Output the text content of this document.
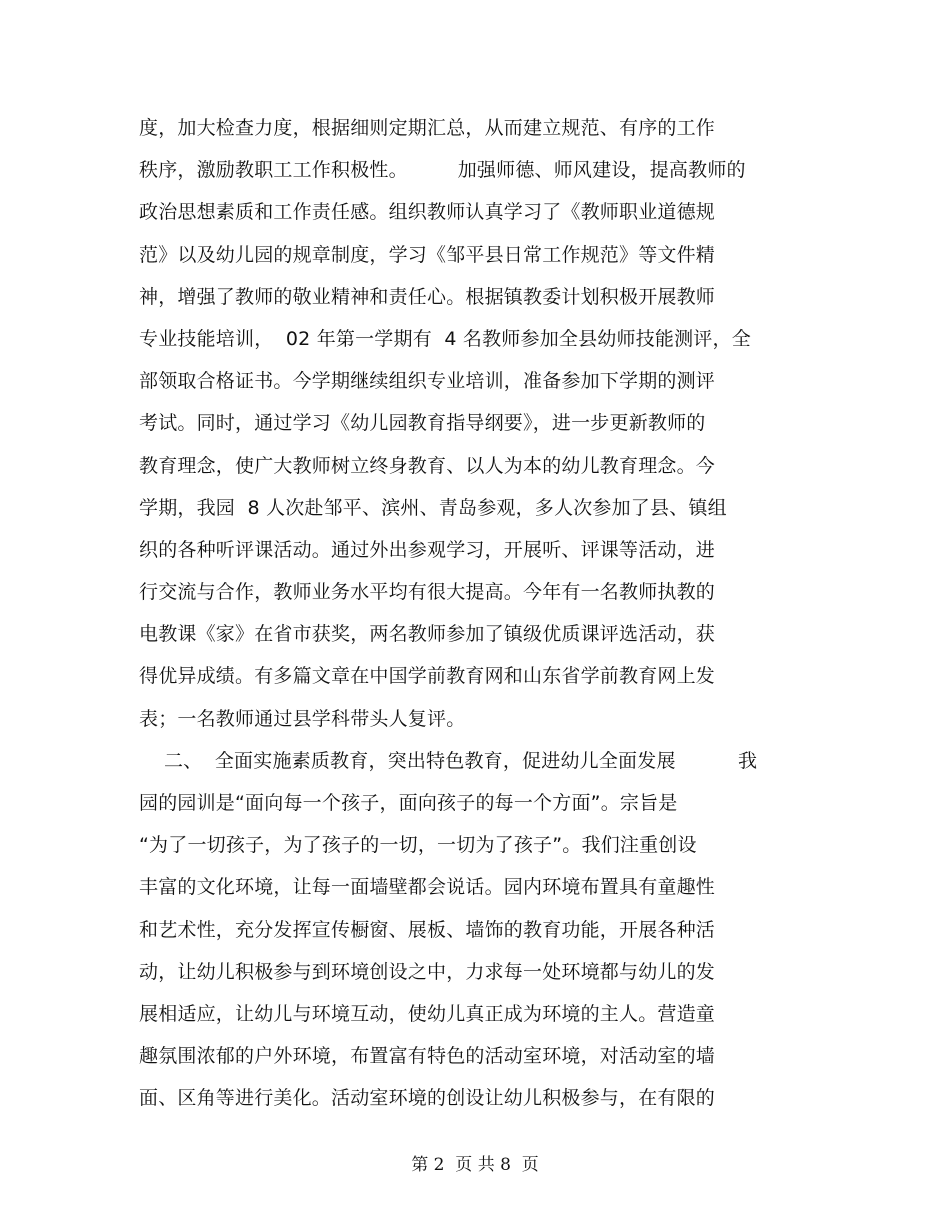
度，加大检查力度，根据细则定期汇总，从而建立规范、有序的工作
秩序，激励教职工工作积极性。        加强师德、师风建设，提高教师的
政治思想素质和工作责任感。组织教师认真学习了《教师职业道德规
范》以及幼儿园的规章制度，学习《邹平县日常工作规范》等文件精
神，增强了教师的敬业精神和责任心。根据镇教委计划积极开展教师
专业技能培训，  02 年第一学期有  4 名教师参加全县幼师技能测评，全
部领取合格证书。今学期继续组织专业培训，准备参加下学期的测评
考试。同时，通过学习《幼儿园教育指导纲要》，进一步更新教师的
教育理念，使广大教师树立终身教育、以人为本的幼儿教育理念。今
学期，我园  8 人次赴邹平、滨州、青岛参观，多人次参加了县、镇组
织的各种听评课活动。通过外出参观学习，开展听、评课等活动，进
行交流与合作，教师业务水平均有很大提高。今年有一名教师执教的
电教课《家》在省市获奖，两名教师参加了镇级优质课评选活动，获
得优异成绩。有多篇文章在中国学前教育网和山东省学前教育网上发
表；一名教师通过县学科带头人复评。
二、  全面实施素质教育，突出特色教育，促进幼儿全面发展          我
园的园训是“面向每一个孩子，面向孩子的每一个方面”。宗旨是
“为了一切孩子，为了孩子的一切，一切为了孩子”。我们注重创设
丰富的文化环境，让每一面墙壁都会说话。园内环境布置具有童趣性
和艺术性，充分发挥宣传橱窗、展板、墙饰的教育功能，开展各种活
动，让幼儿积极参与到环境创设之中，力求每一处环境都与幼儿的发
展相适应，让幼儿与环境互动，使幼儿真正成为环境的主人。营造童
趣氛围浓郁的户外环境，布置富有特色的活动室环境，对活动室的墙
面、区角等进行美化。活动室环境的创设让幼儿积极参与，在有限的
第 2  页 共 8  页
